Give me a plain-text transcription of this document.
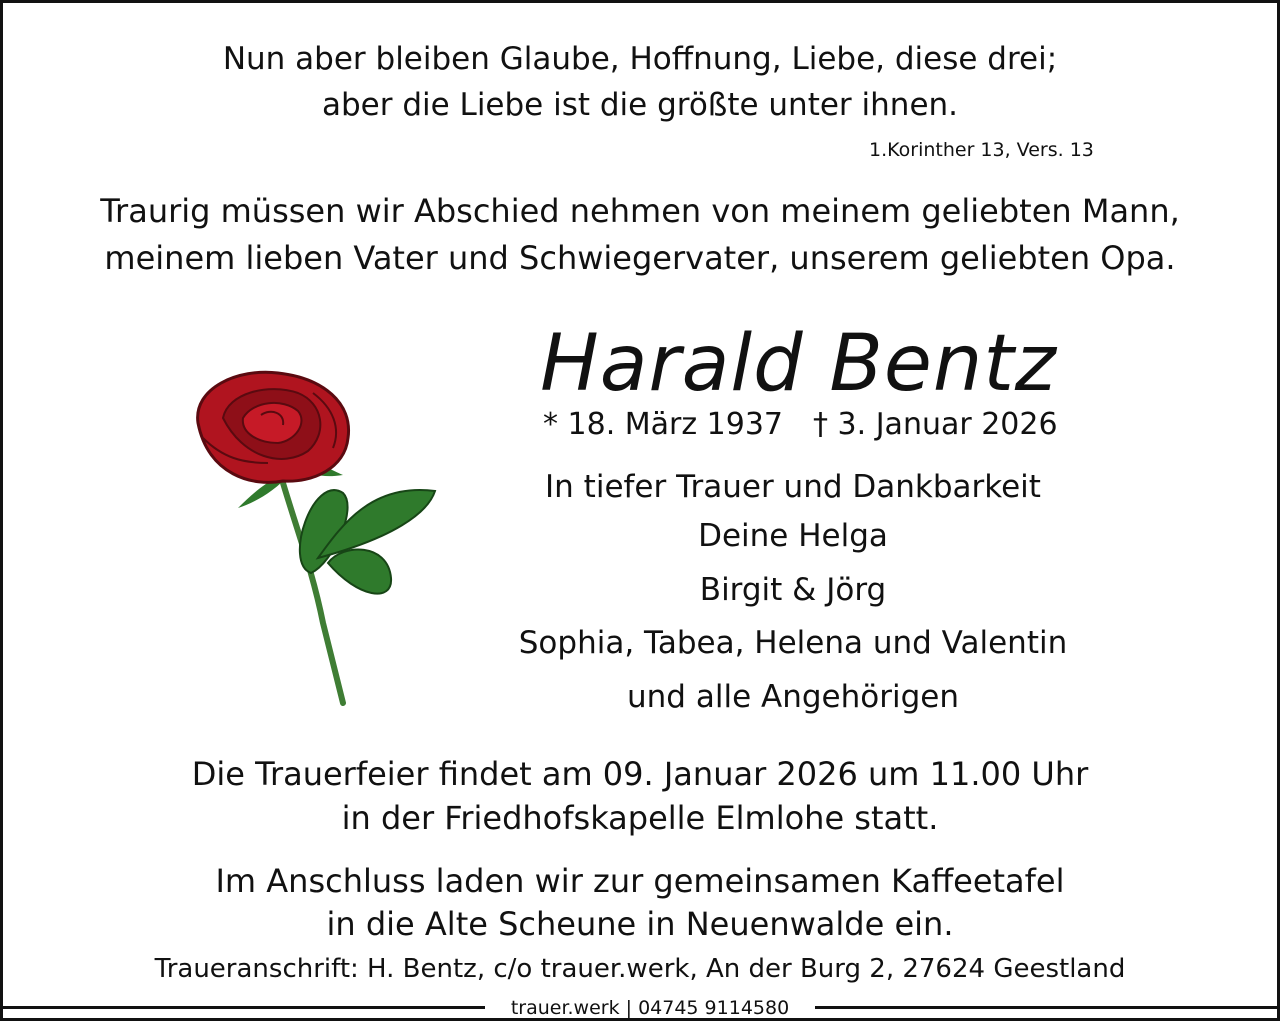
Nun aber bleiben Glaube, Hoffnung, Liebe, diese drei;
aber die Liebe ist die größte unter ihnen.
1.Korinther 13, Vers. 13
Traurig müssen wir Abschied nehmen von meinem geliebten Mann,
meinem lieben Vater und Schwiegervater, unserem geliebten Opa.
Harald Bentz
* 18. März 1937 † 3. Januar 2026
In tiefer Trauer und Dankbarkeit
Deine Helga
Birgit & Jörg
Sophia, Tabea, Helena und Valentin
und alle Angehörigen
Die Trauerfeier findet am 09. Januar 2026 um 11.00 Uhr
in der Friedhofskapelle Elmlohe statt.
Im Anschluss laden wir zur gemeinsamen Kaffeetafel
in die Alte Scheune in Neuenwalde ein.
Traueranschrift: H. Bentz, c/o trauer.werk, An der Burg 2, 27624 Geestland
trauer.werk | 04745 9114580
